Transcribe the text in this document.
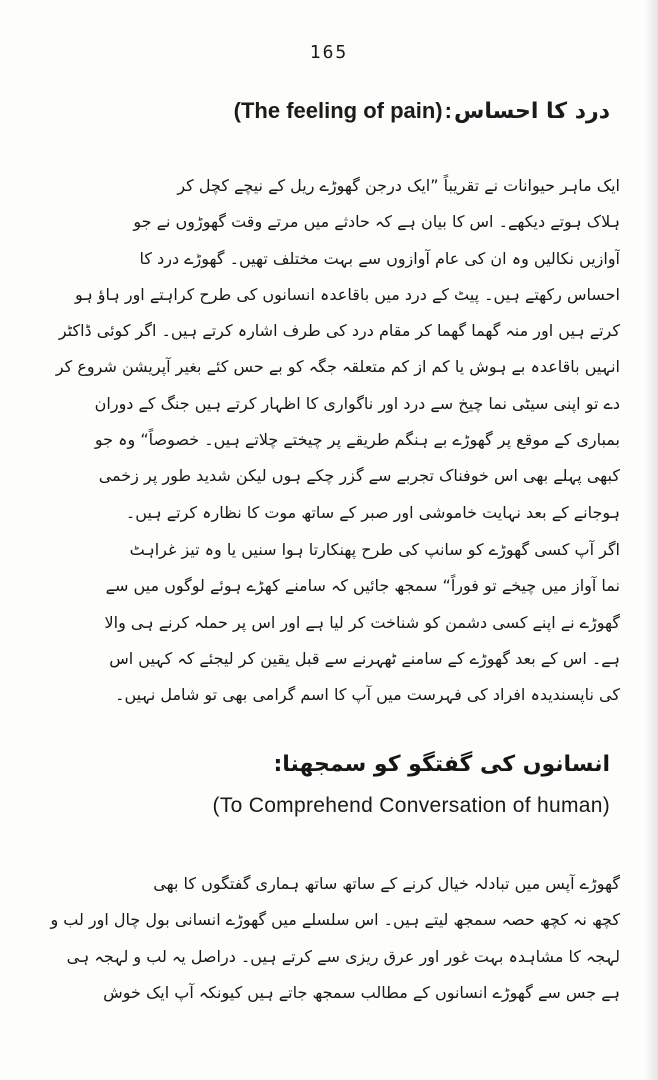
165
(The feeling of pain) : درد کا احساس
ایک ماہر حیوانات نے تقریباً ”ایک درجن گھوڑے ریل کے نیچے کچل کر
ہلاک ہوتے دیکھے۔ اس کا بیان ہے کہ حادثے میں مرتے وقت گھوڑوں نے جو
آوازیں نکالیں وہ ان کی عام آوازوں سے بہت مختلف تھیں۔ گھوڑے درد کا
احساس رکھتے ہیں۔ پیٹ کے درد میں باقاعدہ انسانوں کی طرح کراہتے اور ہاؤ ہو
کرتے ہیں اور منہ گھما گھما کر مقام درد کی طرف اشارہ کرتے ہیں۔ اگر کوئی ڈاکٹر
انہیں باقاعدہ بے ہوش یا کم از کم متعلقہ جگہ کو بے حس کئے بغیر آپریشن شروع کر
دے تو اپنی سیٹی نما چیخ سے درد اور ناگواری کا اظہار کرتے ہیں جنگ کے دوران
بمباری کے موقع پر گھوڑے بے ہنگم طریقے پر چیختے چلاتے ہیں۔ خصوصاً“ وہ جو
کبھی پہلے بھی اس خوفناک تجربے سے گزر چکے ہوں لیکن شدید طور پر زخمی
ہوجانے کے بعد نہایت خاموشی اور صبر کے ساتھ موت کا نظارہ کرتے ہیں۔
اگر آپ کسی گھوڑے کو سانپ کی طرح پھنکارتا ہوا سنیں یا وہ تیز غراہٹ
نما آواز میں چیخے تو فوراً“ سمجھ جائیں کہ سامنے کھڑے ہوئے لوگوں میں سے
گھوڑے نے اپنے کسی دشمن کو شناخت کر لیا ہے اور اس پر حملہ کرنے ہی والا
ہے۔ اس کے بعد گھوڑے کے سامنے ٹھہرنے سے قبل یقین کر لیجئے کہ کہیں اس
کی ناپسندیدہ افراد کی فہرست میں آپ کا اسم گرامی بھی تو شامل نہیں۔
انسانوں کی گفتگو کو سمجھنا:
(To Comprehend Conversation of human)
گھوڑے آپس میں تبادلہ خیال کرنے کے ساتھ ساتھ ہماری گفتگوں کا بھی
کچھ نہ کچھ حصہ سمجھ لیتے ہیں۔ اس سلسلے میں گھوڑے انسانی بول چال اور لب و
لہجہ کا مشاہدہ بہت غور اور عرق ریزی سے کرتے ہیں۔ دراصل یہ لب و لہجہ ہی
ہے جس سے گھوڑے انسانوں کے مطالب سمجھ جاتے ہیں کیونکہ آپ ایک خوش
